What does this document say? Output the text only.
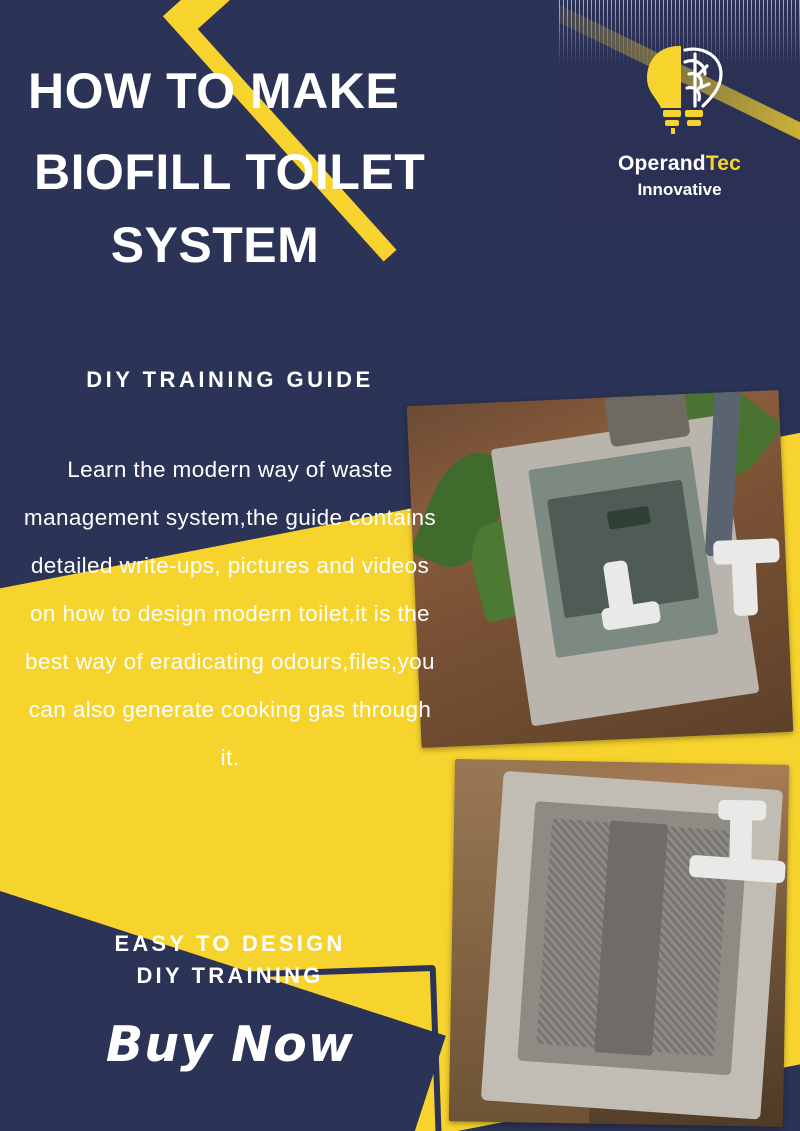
OperandTec
Innovative
HOW TO MAKE
BIOFILL TOILET
SYSTEM
DIY TRAINING GUIDE
Learn the modern way of waste management system,the guide contains detailed write-ups, pictures and videos on how to design modern toilet,it is the best way of eradicating odours,files,you can also generate cooking gas through it.
EASY TO DESIGN
DIY TRAINING
Buy Now
